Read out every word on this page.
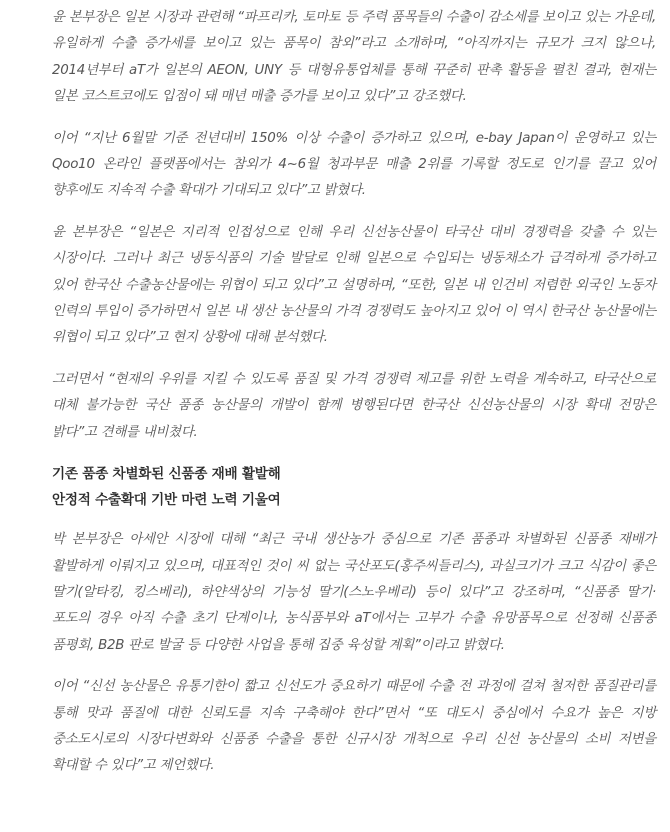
윤 본부장은 일본 시장과 관련해 “파프리카, 토마토 등 주력 품목들의 수출이 감소세를 보이고 있는 가운데, 유일하게 수출 증가세를 보이고 있는 품목이 참외”라고 소개하며, “아직까지는 규모가 크지 않으나, 2014년부터 aT가 일본의 AEON, UNY 등 대형유통업체를 통해 꾸준히 판촉 활동을 펼친 결과, 현재는 일본 코스트코에도 입점이 돼 매년 매출 증가를 보이고 있다”고 강조했다.

이어 “지난 6월말 기준 전년대비 150% 이상 수출이 증가하고 있으며, e-bay Japan이 운영하고 있는 Qoo10 온라인 플랫폼에서는 참외가 4~6월 청과부문 매출 2위를 기록할 정도로 인기를 끌고 있어 향후에도 지속적 수출 확대가 기대되고 있다”고 밝혔다.

윤 본부장은 “일본은 지리적 인접성으로 인해 우리 신선농산물이 타국산 대비 경쟁력을 갖출 수 있는 시장이다. 그러나 최근 냉동식품의 기술 발달로 인해 일본으로 수입되는 냉동채소가 급격하게 증가하고 있어 한국산 수출농산물에는 위협이 되고 있다”고 설명하며, “또한, 일본 내 인건비 저렴한 외국인 노동자 인력의 투입이 증가하면서 일본 내 생산 농산물의 가격 경쟁력도 높아지고 있어 이 역시 한국산 농산물에는 위협이 되고 있다”고 현지 상황에 대해 분석했다.

그러면서 “현재의 우위를 지킬 수 있도록 품질 및 가격 경쟁력 제고를 위한 노력을 계속하고, 타국산으로 대체 불가능한 국산 품종 농산물의 개발이 함께 병행된다면 한국산 신선농산물의 시장 확대 전망은 밝다”고 견해를 내비쳤다.

기존 품종 차별화된 신품종 재배 활발해
안정적 수출확대 기반 마련 노력 기울여

박 본부장은 아세안 시장에 대해 “최근 국내 생산농가 중심으로 기존 품종과 차별화된 신품종 재배가 활발하게 이뤄지고 있으며, 대표적인 것이 씨 없는 국산포도(홍주씨들리스), 과실크기가 크고 식감이 좋은 딸기(알타킹, 킹스베리), 하얀색상의 기능성 딸기(스노우베리) 등이 있다”고 강조하며, “신품종 딸기·포도의 경우 아직 수출 초기 단계이나, 농식품부와 aT에서는 고부가 수출 유망품목으로 선정해 신품종 품평회, B2B 판로 발굴 등 다양한 사업을 통해 집중 육성할 계획”이라고 밝혔다.

이어 “신선 농산물은 유통기한이 짧고 신선도가 중요하기 때문에 수출 전 과정에 걸쳐 철저한 품질관리를 통해 맛과 품질에 대한 신뢰도를 지속 구축해야 한다”면서 “또 대도시 중심에서 수요가 높은 지방 중소도시로의 시장다변화와 신품종 수출을 통한 신규시장 개척으로 우리 신선 농산물의 소비 저변을 확대할 수 있다”고 제언했다.
